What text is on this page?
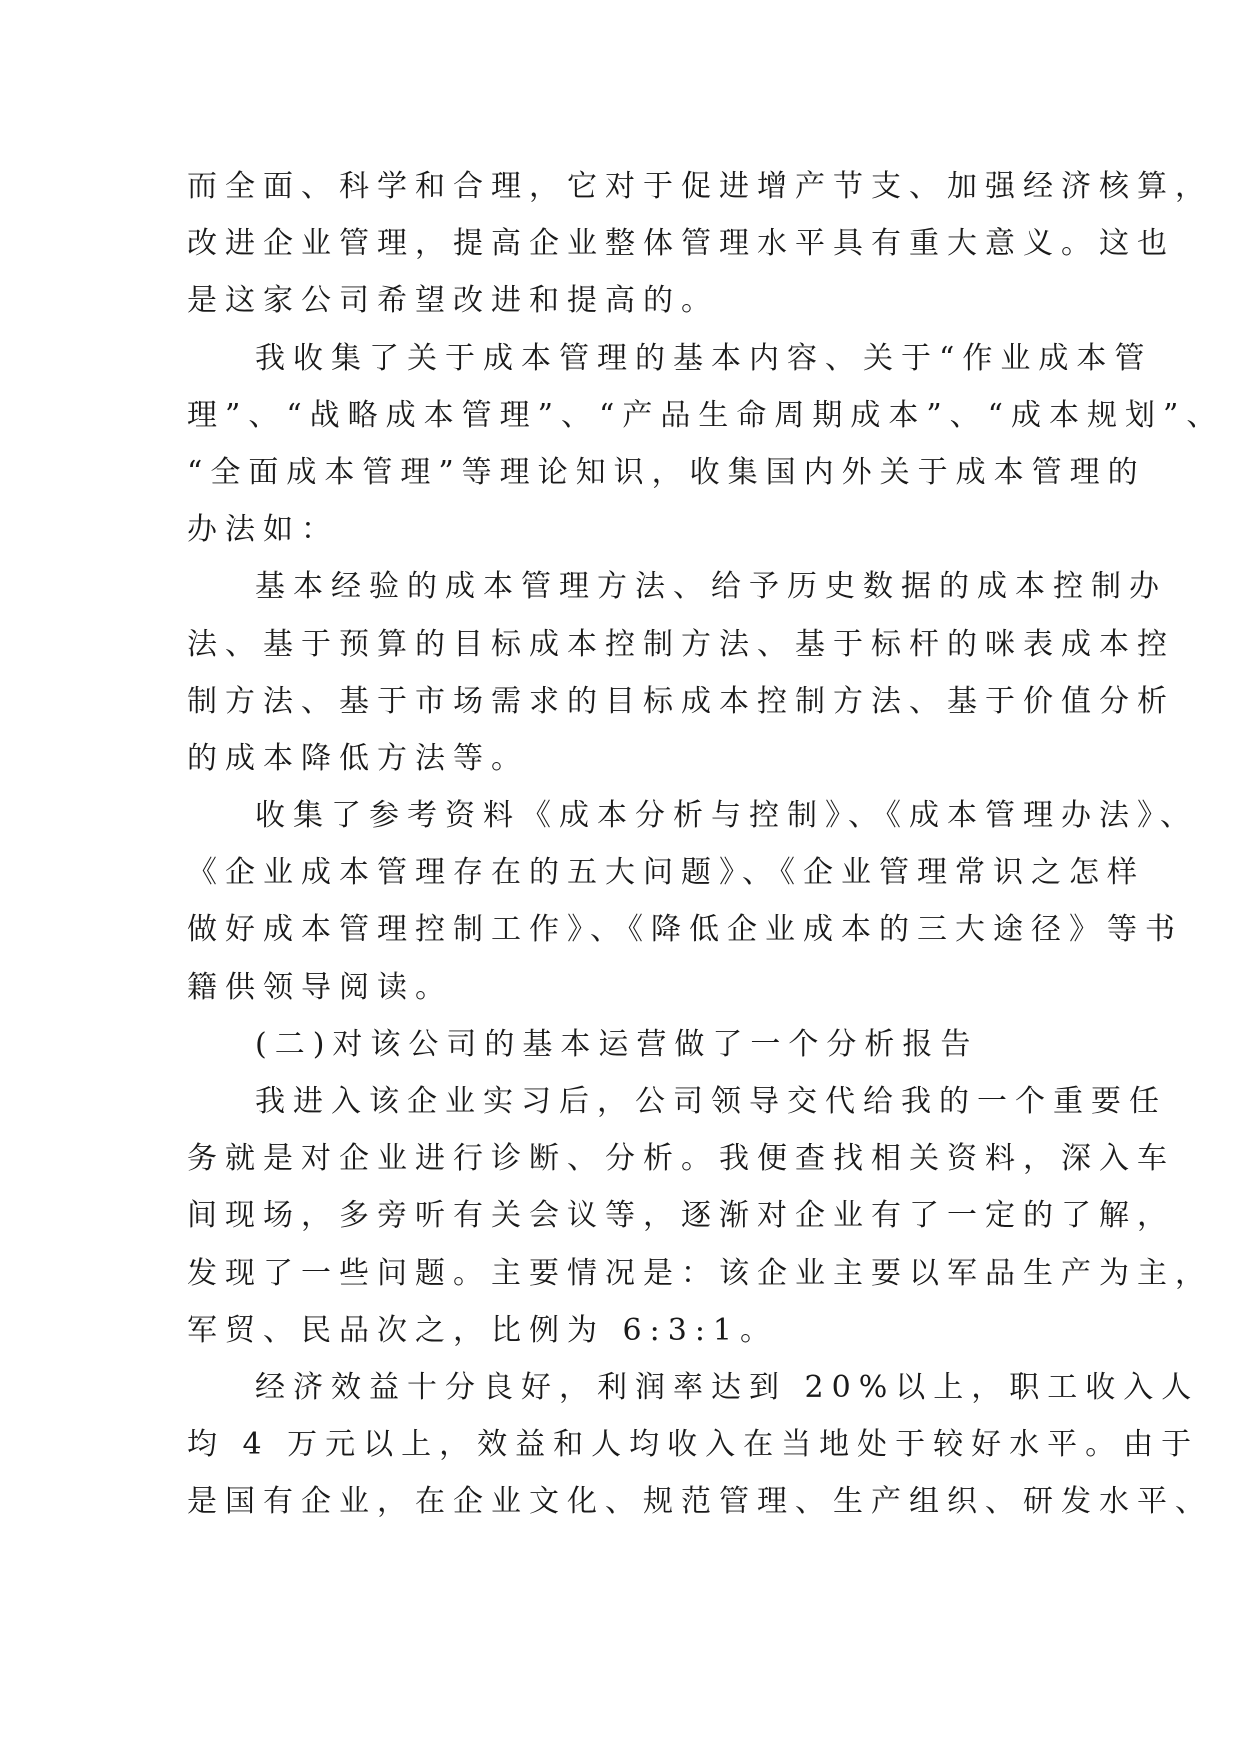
而全面、科学和合理，它对于促进增产节支、加强经济核算，

改进企业管理，提高企业整体管理水平具有重大意义。这也

是这家公司希望改进和提高的。

我收集了关于成本管理的基本内容、关于“作业成本管

理”、“战略成本管理”、“产品生命周期成本”、“成本规划”、

“全面成本管理”等理论知识，收集国内外关于成本管理的

办法如：

基本经验的成本管理方法、给予历史数据的成本控制办

法、基于预算的目标成本控制方法、基于标杆的咪表成本控

制方法、基于市场需求的目标成本控制方法、基于价值分析

的成本降低方法等。

收集了参考资料《成本分析与控制》、《成本管理办法》、

《企业成本管理存在的五大问题》、《企业管理常识之怎样

做好成本管理控制工作》、《降低企业成本的三大途径》等书

籍供领导阅读。

(二)对该公司的基本运营做了一个分析报告

我进入该企业实习后，公司领导交代给我的一个重要任

务就是对企业进行诊断、分析。我便查找相关资料，深入车

间现场，多旁听有关会议等，逐渐对企业有了一定的了解，

发现了一些问题。主要情况是：该企业主要以军品生产为主，

军贸、民品次之，比例为 6:3:1。

经济效益十分良好，利润率达到 20%以上，职工收入人

均 4 万元以上，效益和人均收入在当地处于较好水平。由于

是国有企业，在企业文化、规范管理、生产组织、研发水平、
